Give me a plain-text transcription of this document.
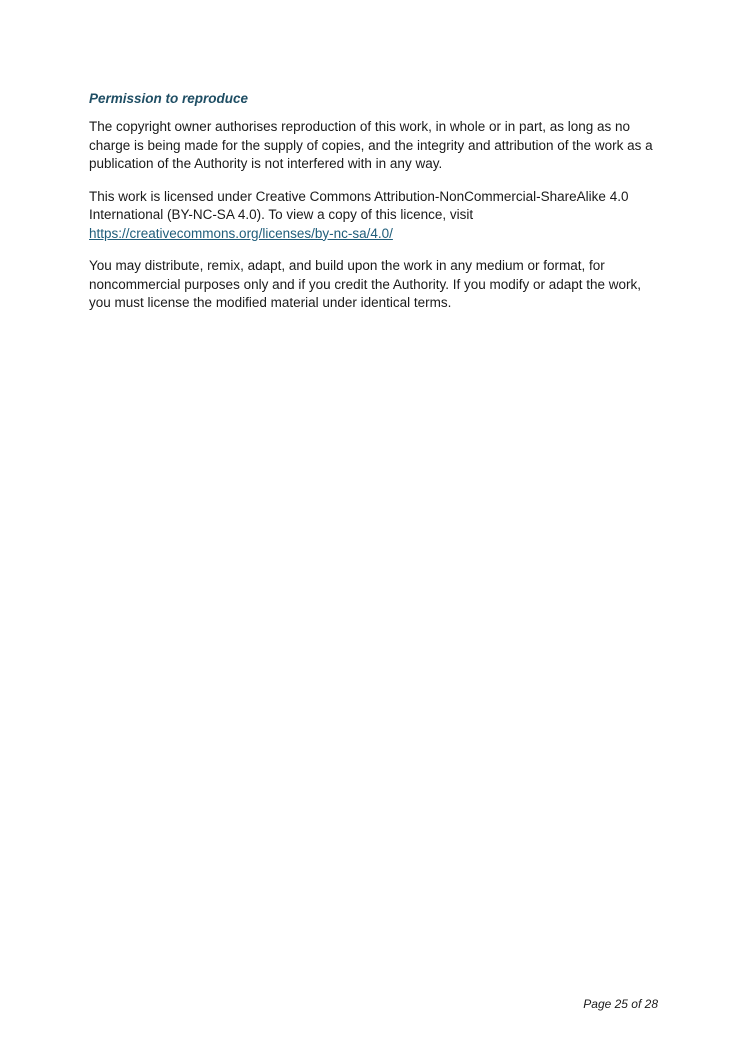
Permission to reproduce

The copyright owner authorises reproduction of this work, in whole or in part, as long as no charge is being made for the supply of copies, and the integrity and attribution of the work as a publication of the Authority is not interfered with in any way.

This work is licensed under Creative Commons Attribution-NonCommercial-ShareAlike 4.0 International (BY-NC-SA 4.0). To view a copy of this licence, visit
https://creativecommons.org/licenses/by-nc-sa/4.0/

You may distribute, remix, adapt, and build upon the work in any medium or format, for noncommercial purposes only and if you credit the Authority. If you modify or adapt the work, you must license the modified material under identical terms.

Page 25 of 28
